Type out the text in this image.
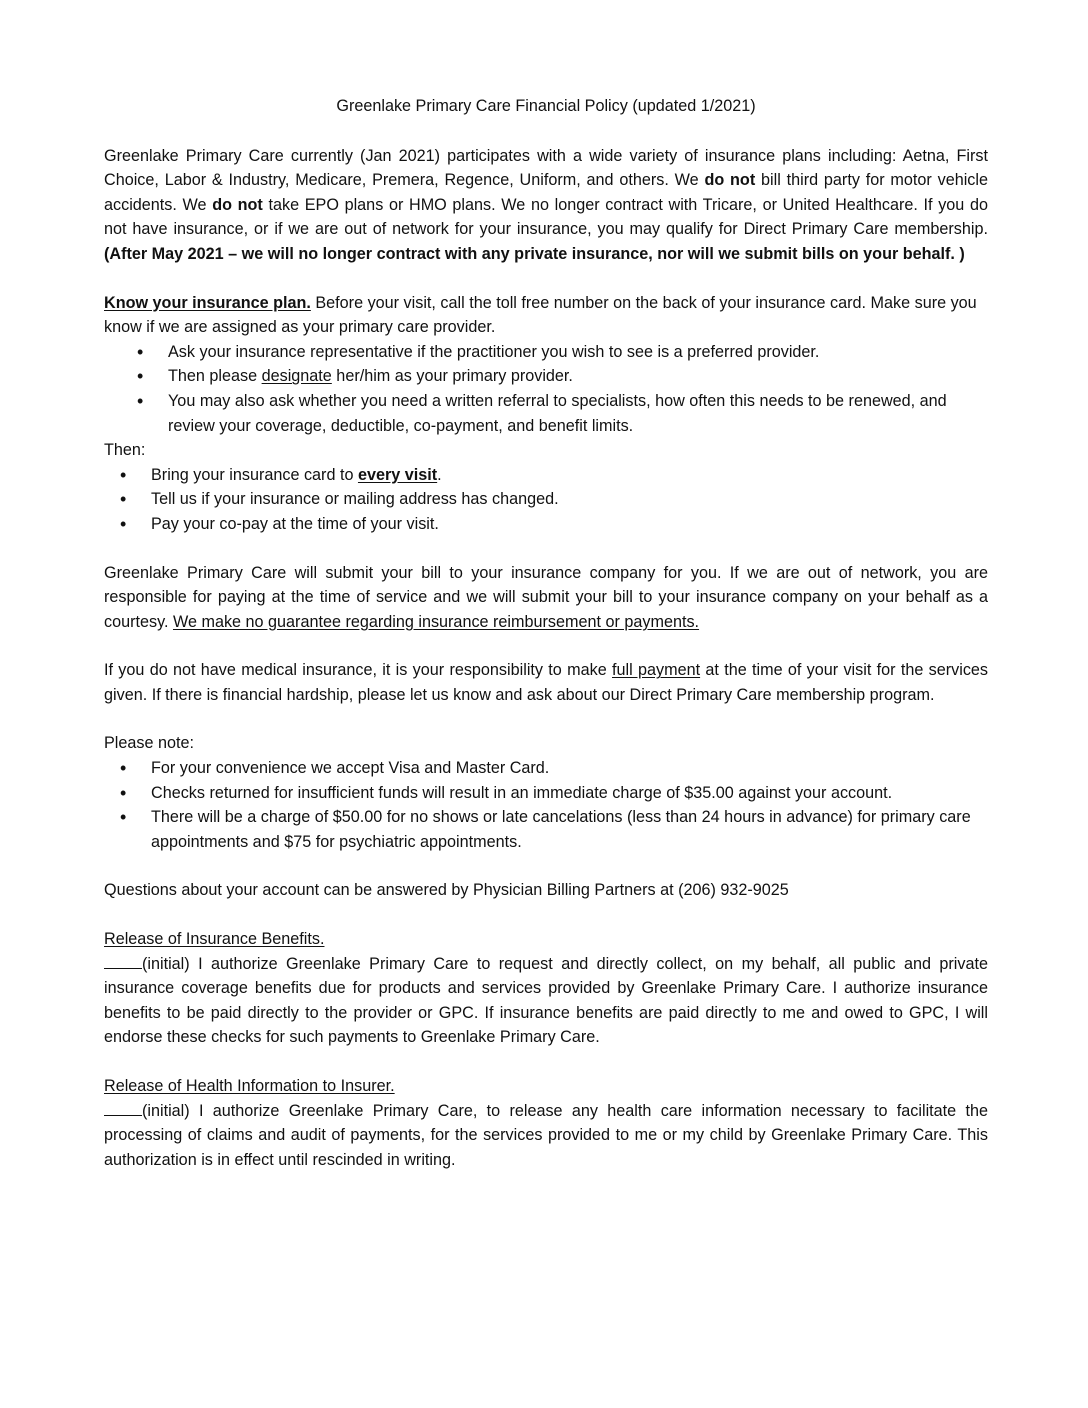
Greenlake Primary Care Financial Policy (updated 1/2021)

Greenlake Primary Care currently (Jan 2021) participates with a wide variety of insurance plans including: Aetna, First Choice, Labor & Industry, Medicare, Premera, Regence, Uniform, and others. We do not bill third party for motor vehicle accidents. We do not take EPO plans or HMO plans. We no longer contract with Tricare, or United Healthcare. If you do not have insurance, or if we are out of network for your insurance, you may qualify for Direct Primary Care membership. (After May 2021 – we will no longer contract with any private insurance, nor will we submit bills on your behalf. )

Know your insurance plan. Before your visit, call the toll free number on the back of your insurance card. Make sure you know if we are assigned as your primary care provider.

• Ask your insurance representative if the practitioner you wish to see is a preferred provider.
• Then please designate her/him as your primary provider.
• You may also ask whether you need a written referral to specialists, how often this needs to be renewed, and review your coverage, deductible, co-payment, and benefit limits.

Then:

• Bring your insurance card to every visit.
• Tell us if your insurance or mailing address has changed.
• Pay your co-pay at the time of your visit.

Greenlake Primary Care will submit your bill to your insurance company for you. If we are out of network, you are responsible for paying at the time of service and we will submit your bill to your insurance company on your behalf as a courtesy. We make no guarantee regarding insurance reimbursement or payments.

If you do not have medical insurance, it is your responsibility to make full payment at the time of your visit for the services given. If there is financial hardship, please let us know and ask about our Direct Primary Care membership program.

Please note:

• For your convenience we accept Visa and Master Card.
• Checks returned for insufficient funds will result in an immediate charge of $35.00 against your account.
• There will be a charge of $50.00 for no shows or late cancelations (less than 24 hours in advance) for primary care appointments and $75 for psychiatric appointments.

Questions about your account can be answered by Physician Billing Partners at (206) 932-9025

Release of Insurance Benefits.

(initial) I authorize Greenlake Primary Care to request and directly collect, on my behalf, all public and private insurance coverage benefits due for products and services provided by Greenlake Primary Care. I authorize insurance benefits to be paid directly to the provider or GPC. If insurance benefits are paid directly to me and owed to GPC, I will endorse these checks for such payments to Greenlake Primary Care.

Release of Health Information to Insurer.

(initial) I authorize Greenlake Primary Care, to release any health care information necessary to facilitate the processing of claims and audit of payments, for the services provided to me or my child by Greenlake Primary Care. This authorization is in effect until rescinded in writing.
